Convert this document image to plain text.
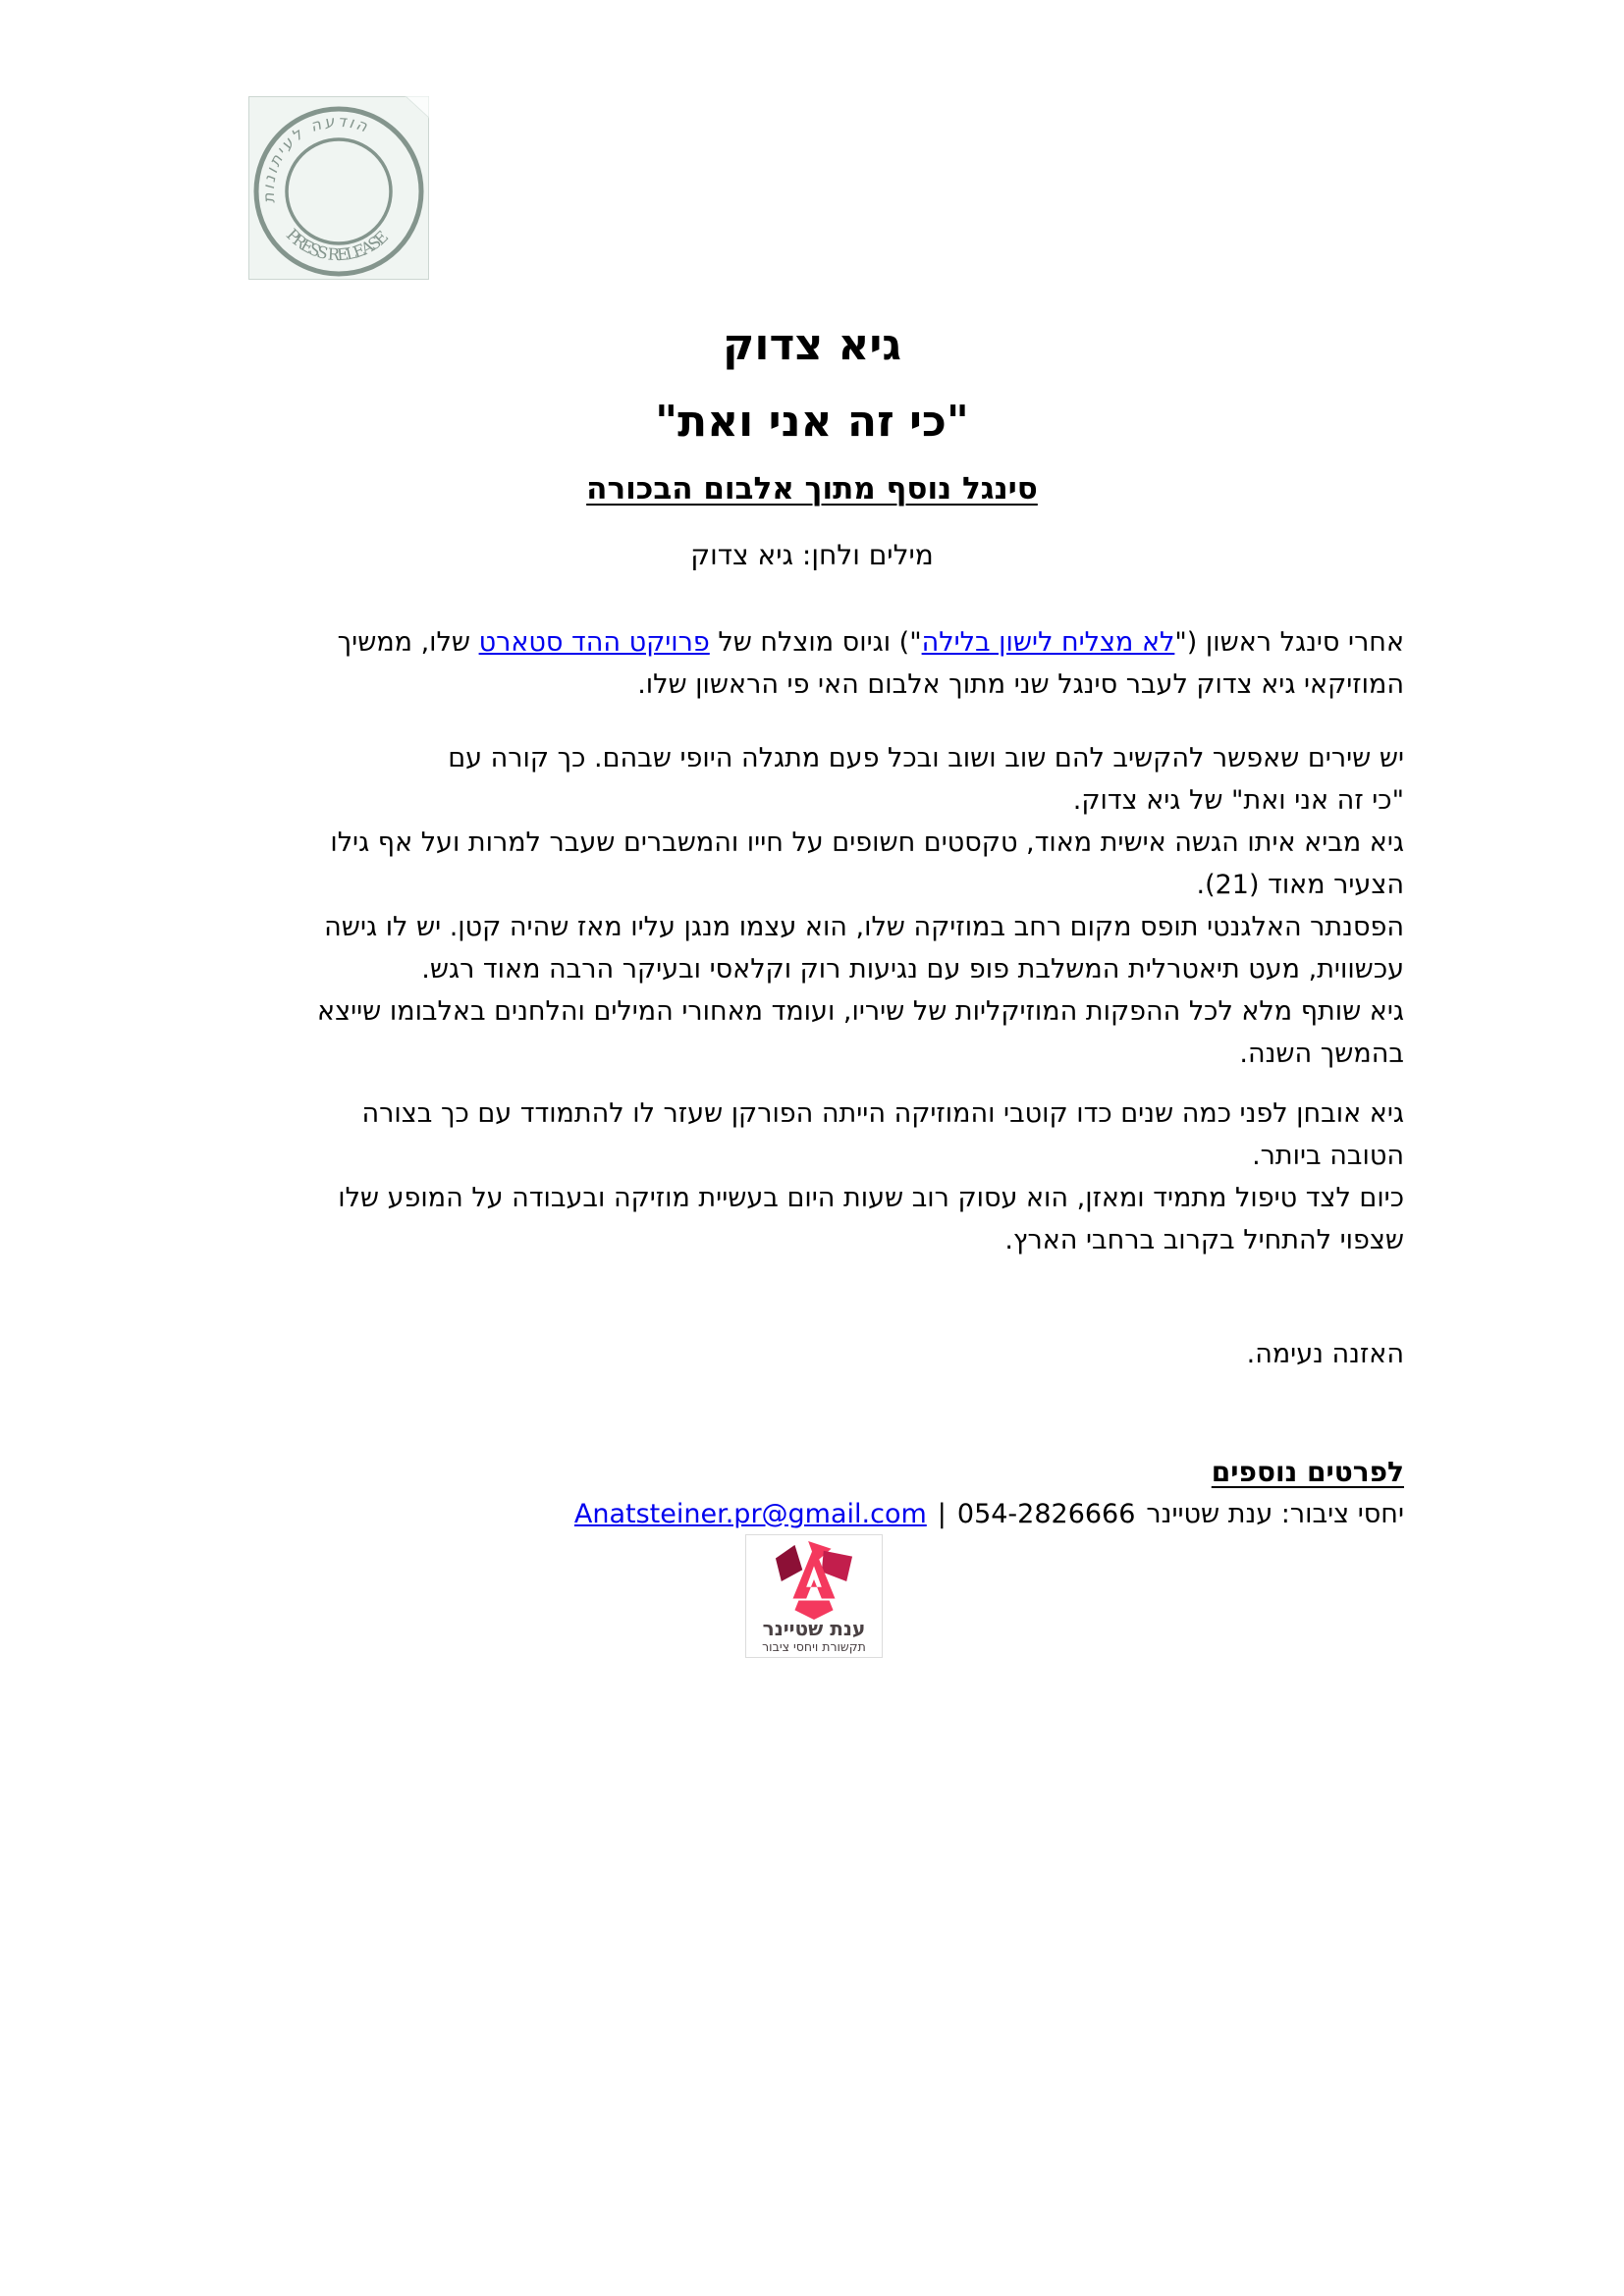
תונותיעל העדוה
PRESS RELEASE
גיא צדוק
"כי זה אני ואת"
סינגל נוסף מתוך אלבום הבכורה
מילים ולחן: גיא צדוק
אחרי סינגל ראשון ("לא מצליח לישון בלילה") וגיוס מוצלח של פרויקט ההד סטארט שלו, ממשיך
המוזיקאי גיא צדוק לעבר סינגל שני מתוך אלבום האי פי הראשון שלו.
יש שירים שאפשר להקשיב להם שוב ושוב ובכל פעם מתגלה היופי שבהם. כך קורה עם
"כי זה אני ואת" של גיא צדוק.
גיא מביא איתו הגשה אישית מאוד, טקסטים חשופים על חייו והמשברים שעבר למרות ועל אף גילו
הצעיר מאוד (21).
הפסנתר האלגנטי תופס מקום רחב במוזיקה שלו, הוא עצמו מנגן עליו מאז שהיה קטן. יש לו גישה
עכשווית, מעט תיאטרלית המשלבת פופ עם נגיעות רוק וקלאסי ובעיקר הרבה מאוד רגש.
גיא שותף מלא לכל ההפקות המוזיקליות של שיריו, ועומד מאחורי המילים והלחנים באלבומו שייצא
בהמשך השנה.
גיא אובחן לפני כמה שנים כדו קוטבי והמוזיקה הייתה הפורקן שעזר לו להתמודד עם כך בצורה
הטובה ביותר.
כיום לצד טיפול מתמיד ומאזן, הוא עסוק רוב שעות היום בעשיית מוזיקה ובעבודה על המופע שלו
שצפוי להתחיל בקרוב ברחבי הארץ.
האזנה נעימה.
לפרטים נוספים
יחסי ציבור: ענת שטיינר
054-2826666
|
Anatsteiner.pr@gmail.com
ענת שטיינר
תקשורת ויחסי ציבור
